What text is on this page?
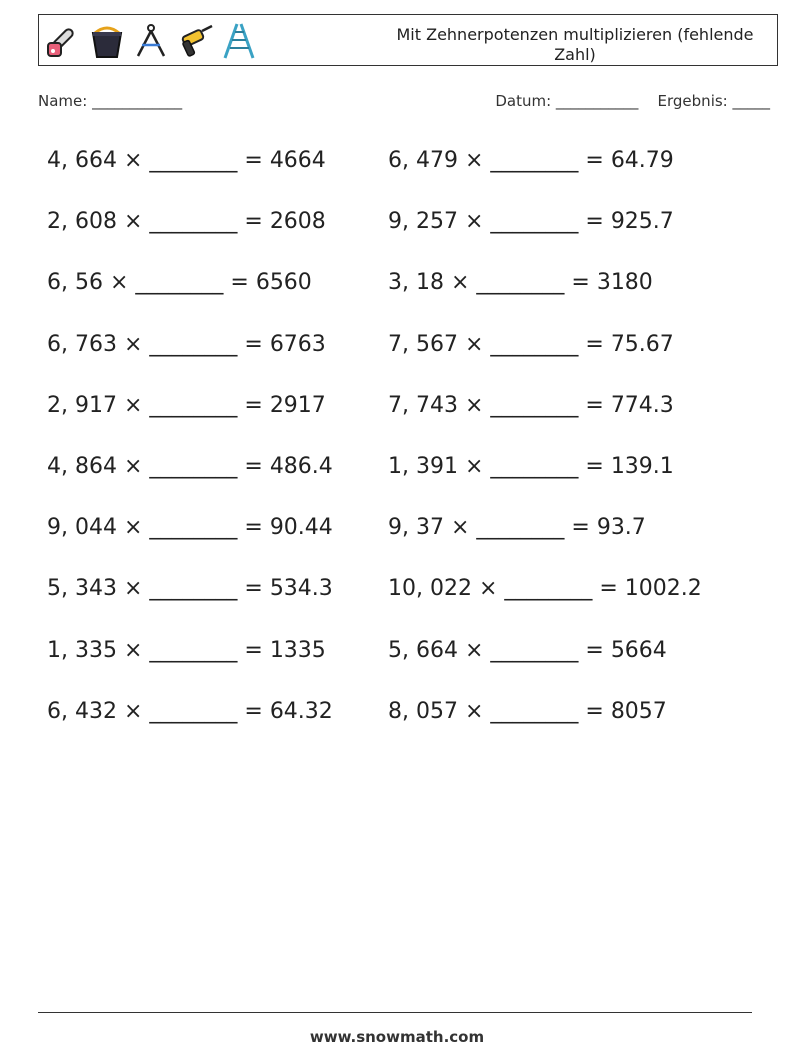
Mit Zehnerpotenzen multiplizieren (fehlende Zahl)
Name: ____________	Datum: ___________ Ergebnis: _____
4, 664 × ________ = 4664
2, 608 × ________ = 2608
6, 56 × ________ = 6560
6, 763 × ________ = 6763
2, 917 × ________ = 2917
4, 864 × ________ = 486.4
9, 044 × ________ = 90.44
5, 343 × ________ = 534.3
1, 335 × ________ = 1335
6, 432 × ________ = 64.32
6, 479 × ________ = 64.79
9, 257 × ________ = 925.7
3, 18 × ________ = 3180
7, 567 × ________ = 75.67
7, 743 × ________ = 774.3
1, 391 × ________ = 139.1
9, 37 × ________ = 93.7
10, 022 × ________ = 1002.2
5, 664 × ________ = 5664
8, 057 × ________ = 8057
www.snowmath.com
